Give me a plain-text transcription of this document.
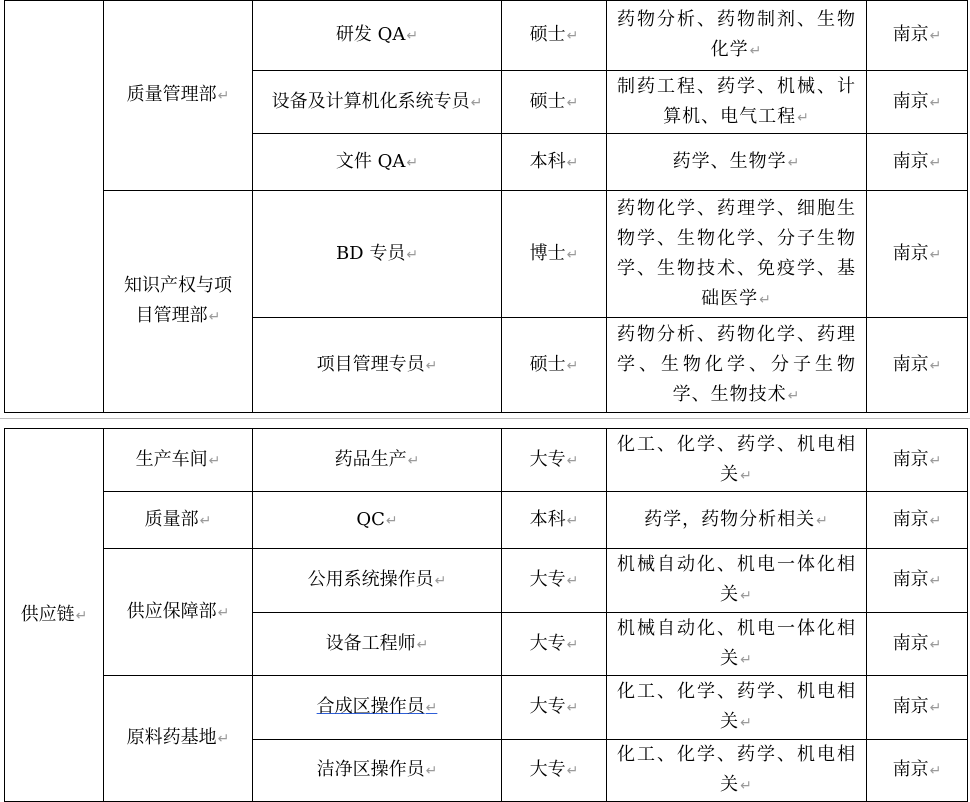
	质量管理部 ↵	研发 QA ↵	硕士 ↵	药物分析、药物制剂、生物化学 ↵	南京 ↵
		设备及计算机化系统专员 ↵	硕士 ↵	制药工程、药学、机械、计算机、电气工程 ↵	南京 ↵
		文件 QA ↵	本科 ↵	药学、生物学 ↵	南京 ↵
	知识产权与项目管理部 ↵	BD 专员 ↵	博士 ↵	药物化学、药理学、细胞生物学、生物化学、分子生物学、生物技术、免疫学、基础医学 ↵	南京 ↵
		项目管理专员 ↵	硕士 ↵	药物分析、药物化学、药理学、生物化学、分子生物学、生物技术 ↵	南京 ↵
供应链 ↵	生产车间 ↵	药品生产 ↵	大专 ↵	化工、化学、药学、机电相关 ↵	南京 ↵
	质量部 ↵	QC ↵	本科 ↵	药学，药物分析相关 ↵	南京 ↵
	供应保障部 ↵	公用系统操作员 ↵	大专 ↵	机械自动化、机电一体化相关 ↵	南京 ↵
		设备工程师 ↵	大专 ↵	机械自动化、机电一体化相关 ↵	南京 ↵
	原料药基地 ↵	合成区操作员 ↵	大专 ↵	化工、化学、药学、机电相关 ↵	南京 ↵
		洁净区操作员 ↵	大专 ↵	化工、化学、药学、机电相关 ↵	南京 ↵
